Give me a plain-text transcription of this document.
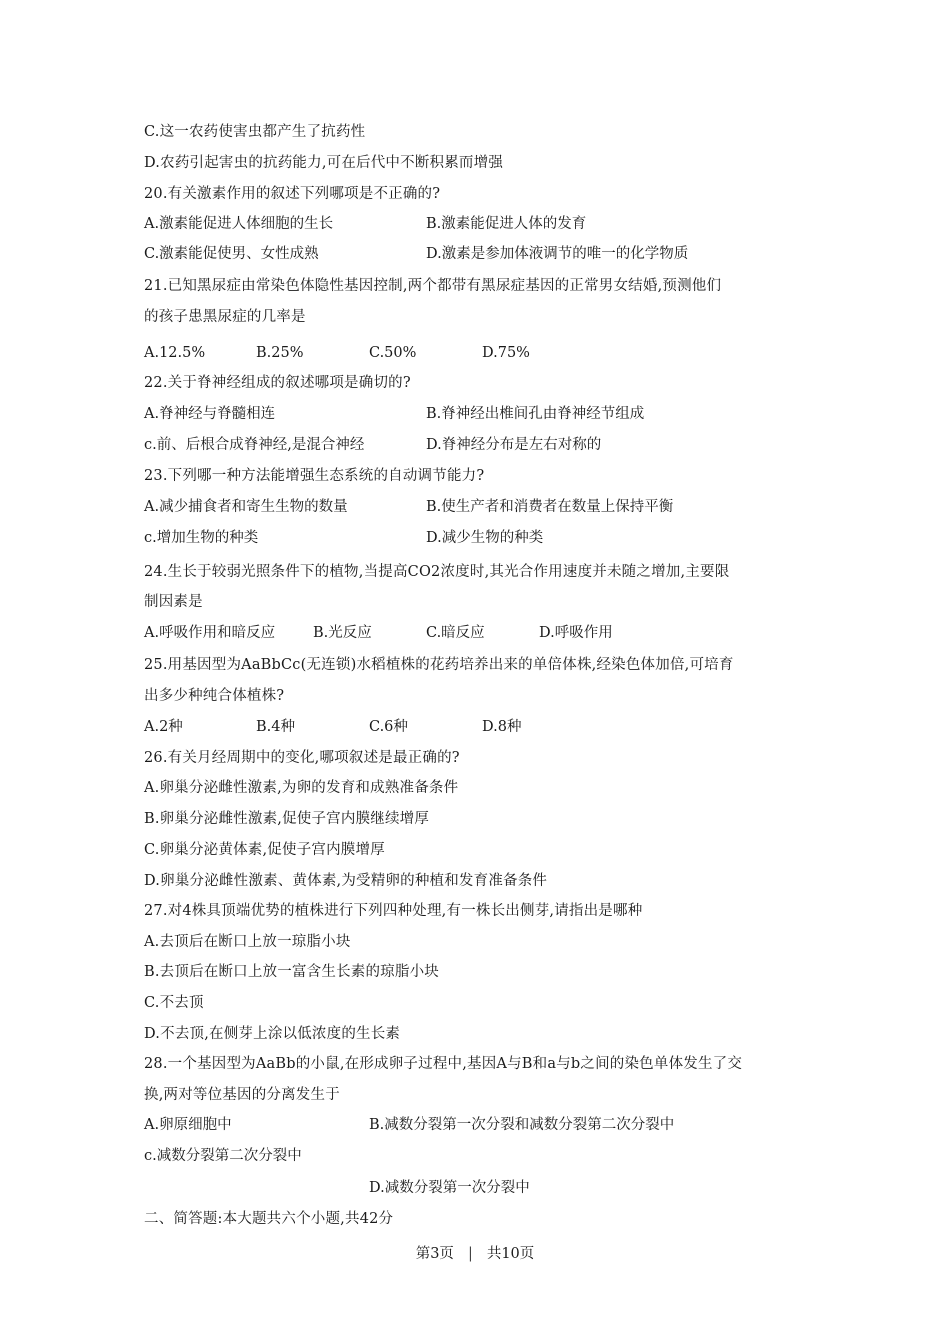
C.这一农药使害虫都产生了抗药性
D.农药引起害虫的抗药能力,可在后代中不断积累而增强
20.有关激素作用的叙述下列哪项是不正确的?
A.激素能促进人体细胞的生长	B.激素能促进人体的发育
C.激素能促使男、女性成熟	D.激素是参加体液调节的唯一的化学物质
21.已知黑尿症由常染色体隐性基因控制,两个都带有黑尿症基因的正常男女结婚,预测他们
的孩子患黑尿症的几率是
A.12.5%	B.25%	C.50%	D.75%
22.关于脊神经组成的叙述哪项是确切的?
A.脊神经与脊髓相连	B.脊神经出椎间孔由脊神经节组成
c.前、后根合成脊神经,是混合神经	D.脊神经分布是左右对称的
23.下列哪一种方法能增强生态系统的自动调节能力?
A.减少捕食者和寄生生物的数量	B.使生产者和消费者在数量上保持平衡
c.增加生物的种类	D.减少生物的种类
24.生长于较弱光照条件下的植物,当提高CO2浓度时,其光合作用速度并未随之增加,主要限
制因素是
A.呼吸作用和暗反应	B.光反应	C.暗反应	D.呼吸作用
25.用基因型为AaBbCc(无连锁)水稻植株的花药培养出来的单倍体株,经染色体加倍,可培育
出多少种纯合体植株?
A.2种	B.4种	C.6种	D.8种
26.有关月经周期中的变化,哪项叙述是最正确的?
A.卵巢分泌雌性激素,为卵的发育和成熟准备条件
B.卵巢分泌雌性激素,促使子宫内膜继续增厚
C.卵巢分泌黄体素,促使子宫内膜增厚
D.卵巢分泌雌性激素、黄体素,为受精卵的种植和发育准备条件
27.对4株具顶端优势的植株进行下列四种处理,有一株长出侧芽,请指出是哪种
A.去顶后在断口上放一琼脂小块
B.去顶后在断口上放一富含生长素的琼脂小块
C.不去顶
D.不去顶,在侧芽上涂以低浓度的生长素
28.一个基因型为AaBb的小鼠,在形成卵子过程中,基因A与B和a与b之间的染色单体发生了交
换,两对等位基因的分离发生于
A.卵原细胞中	B.减数分裂第一次分裂和减数分裂第二次分裂中
c.减数分裂第二次分裂中
D.减数分裂第一次分裂中
二、简答题:本大题共六个小题,共42分
第3页 | 共10页
